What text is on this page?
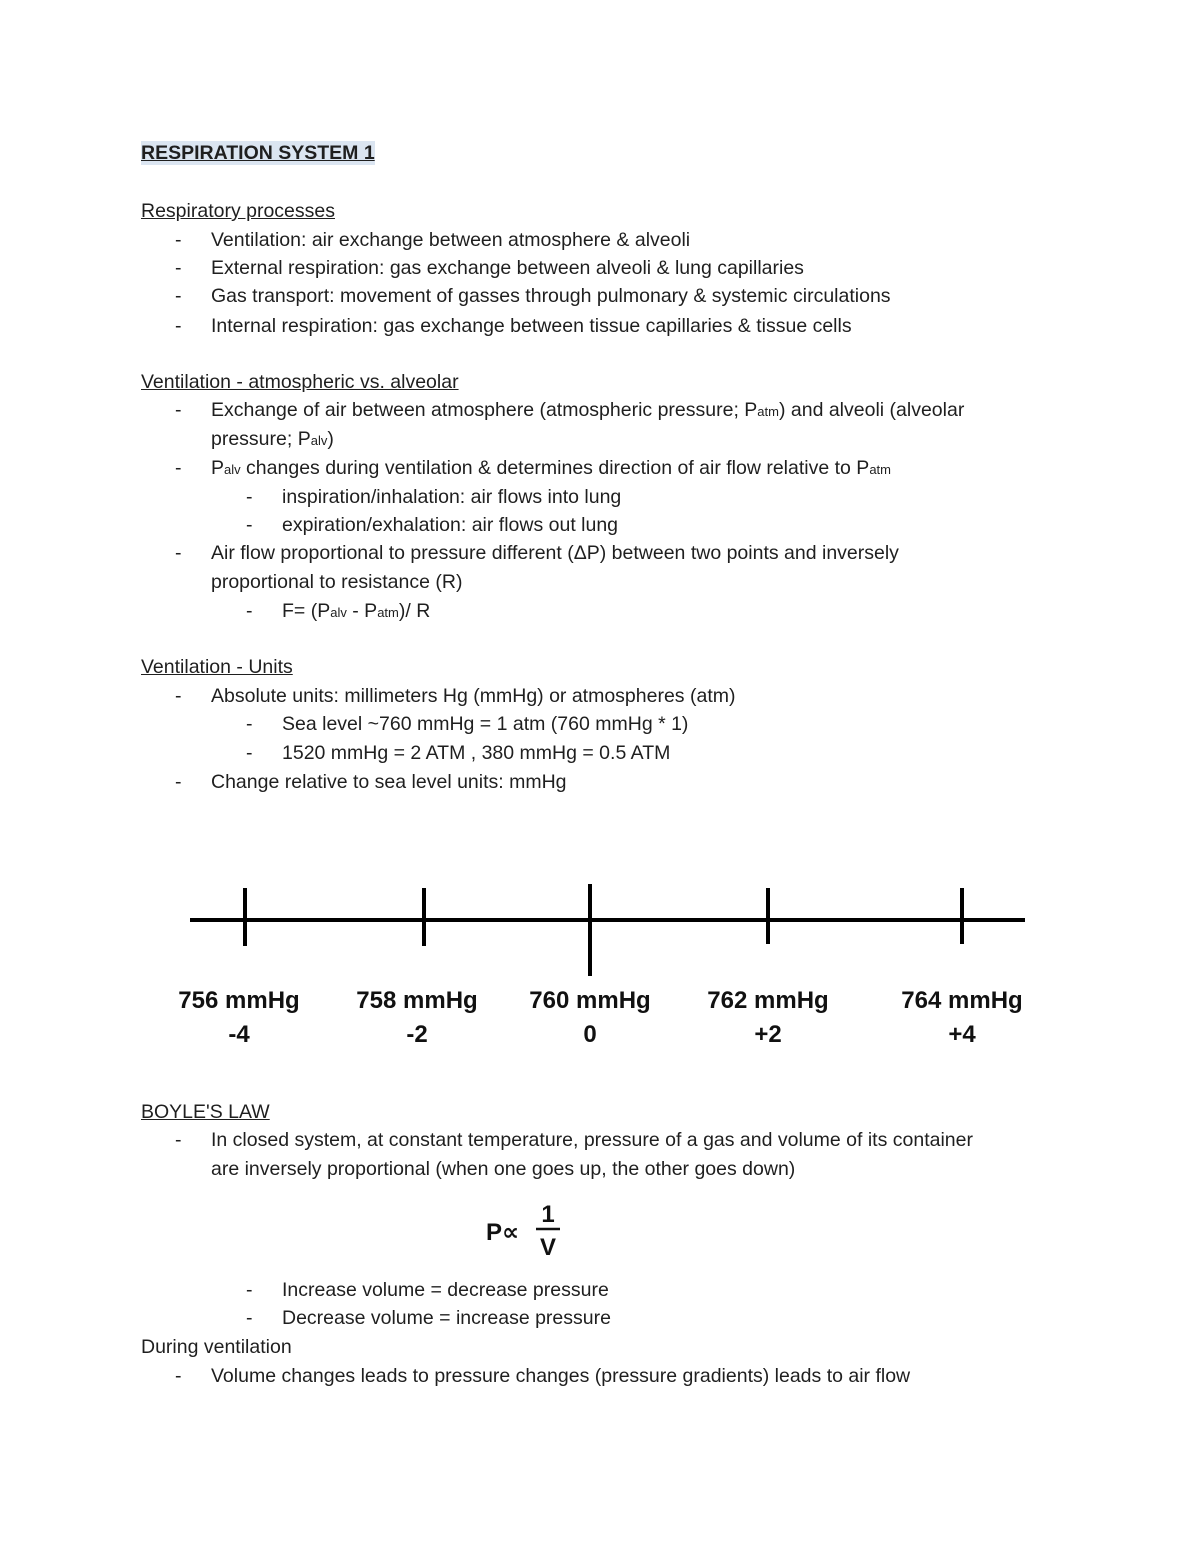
RESPIRATION SYSTEM 1
Respiratory processes
- Ventilation: air exchange between atmosphere & alveoli
- External respiration: gas exchange between alveoli & lung capillaries
- Gas transport: movement of gasses through pulmonary & systemic circulations
- Internal respiration: gas exchange between tissue capillaries & tissue cells
Ventilation - atmospheric vs. alveolar
- Exchange of air between atmosphere (atmospheric pressure; Patm) and alveoli (alveolar
pressure; Palv)
- Palv changes during ventilation & determines direction of air flow relative to Patm
- inspiration/inhalation: air flows into lung
- expiration/exhalation: air flows out lung
- Air flow proportional to pressure different (ΔP) between two points and inversely
proportional to resistance (R)
- F= (Palv - Patm)/ R
Ventilation - Units
- Absolute units: millimeters Hg (mmHg) or atmospheres (atm)
- Sea level ~760 mmHg = 1 atm (760 mmHg * 1)
- 1520 mmHg = 2 ATM , 380 mmHg = 0.5 ATM
- Change relative to sea level units: mmHg
756 mmHg
-4
758 mmHg
-2
760 mmHg
0
762 mmHg
+2
764 mmHg
+4
BOYLE'S LAW
- In closed system, at constant temperature, pressure of a gas and volume of its container
are inversely proportional (when one goes up, the other goes down)
P∝
1
V
- Increase volume = decrease pressure
- Decrease volume = increase pressure
During ventilation
- Volume changes leads to pressure changes (pressure gradients) leads to air flow
